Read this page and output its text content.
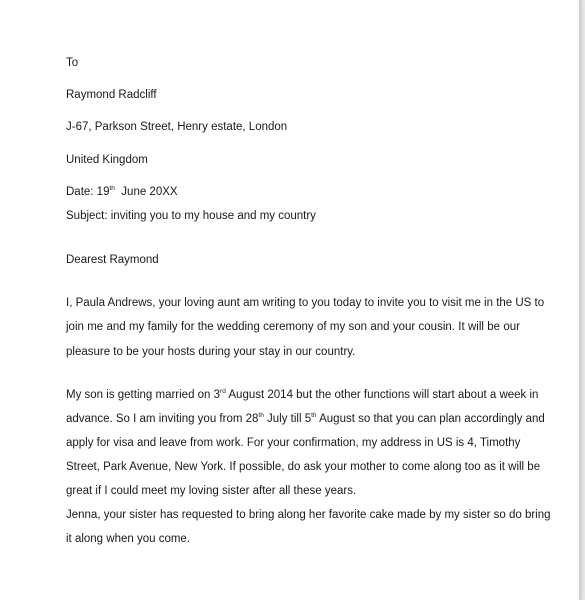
To
Raymond Radcliff
J-67, Parkson Street, Henry estate, London
United Kingdom
Date: 19th  June 20XX
Subject: inviting you to my house and my country
Dearest Raymond
I, Paula Andrews, your loving aunt am writing to you today to invite you to visit me in the US to
join me and my family for the wedding ceremony of my son and your cousin. It will be our
pleasure to be your hosts during your stay in our country.
My son is getting married on 3rd August 2014 but the other functions will start about a week in
advance. So I am inviting you from 28th July till 5th August so that you can plan accordingly and
apply for visa and leave from work. For your confirmation, my address in US is 4, Timothy
Street, Park Avenue, New York. If possible, do ask your mother to come along too as it will be
great if I could meet my loving sister after all these years.
Jenna, your sister has requested to bring along her favorite cake made by my sister so do bring
it along when you come.
